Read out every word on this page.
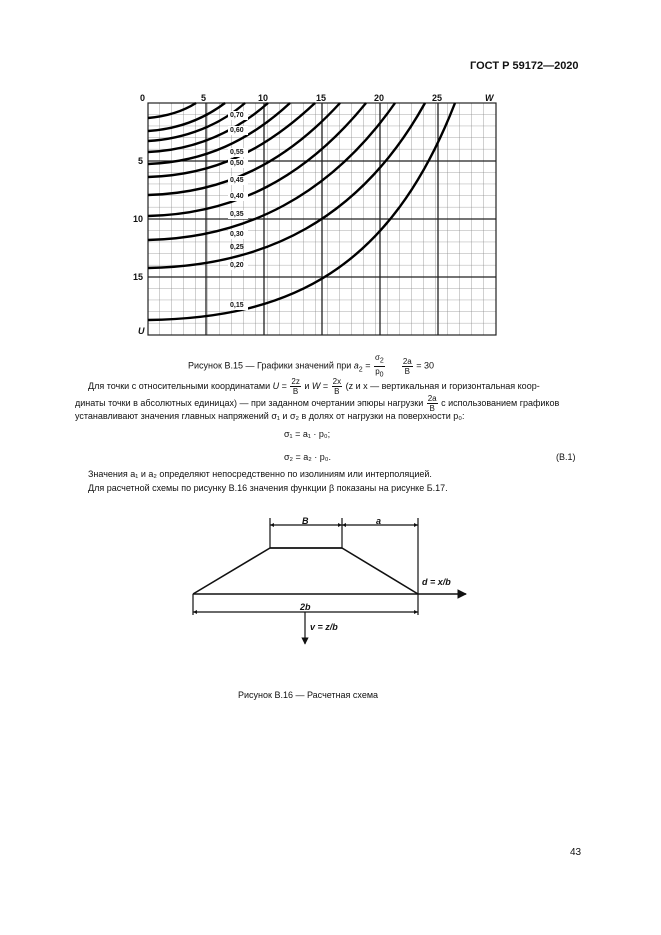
ГОСТ Р 59172—2020
0	5	10	15	20	25	W
5
10
15
U
0,70
0,60
0,55
0,50
0,45
0,40
0,35
0,30
0,25
0,20
0,15
Рисунок В.15 — Графики значений при $a_2 = \frac{\sigma_2}{p_0}$
$\frac{2a}{B} = 30$
Для точки с относительными координатами $U = \frac{2z}{B}$ и $W = \frac{2x}{B} (z$ и x — вертикальная и горизонтальная коор-
динаты точки в абсолютных единицах) — при заданном очертании эпюры нагрузки $\frac{2a}{B}$ с использованием графиков
устанавливают значения главных напряжений σ₁ и σ₂ в долях от нагрузки на поверхности p₀:
σ₁ = a₁ · p₀;
σ₂ = a₂ · p₀.	(В.1)
Значения a₁ и a₂ определяют непосредственно по изолиниям или интерполяцией.
Для расчетной схемы по рисунку В.16 значения функции β показаны на рисунке Б.17.
B	a
d = x/b
2b
v = z/b
Рисунок В.16 — Расчетная схема
43
